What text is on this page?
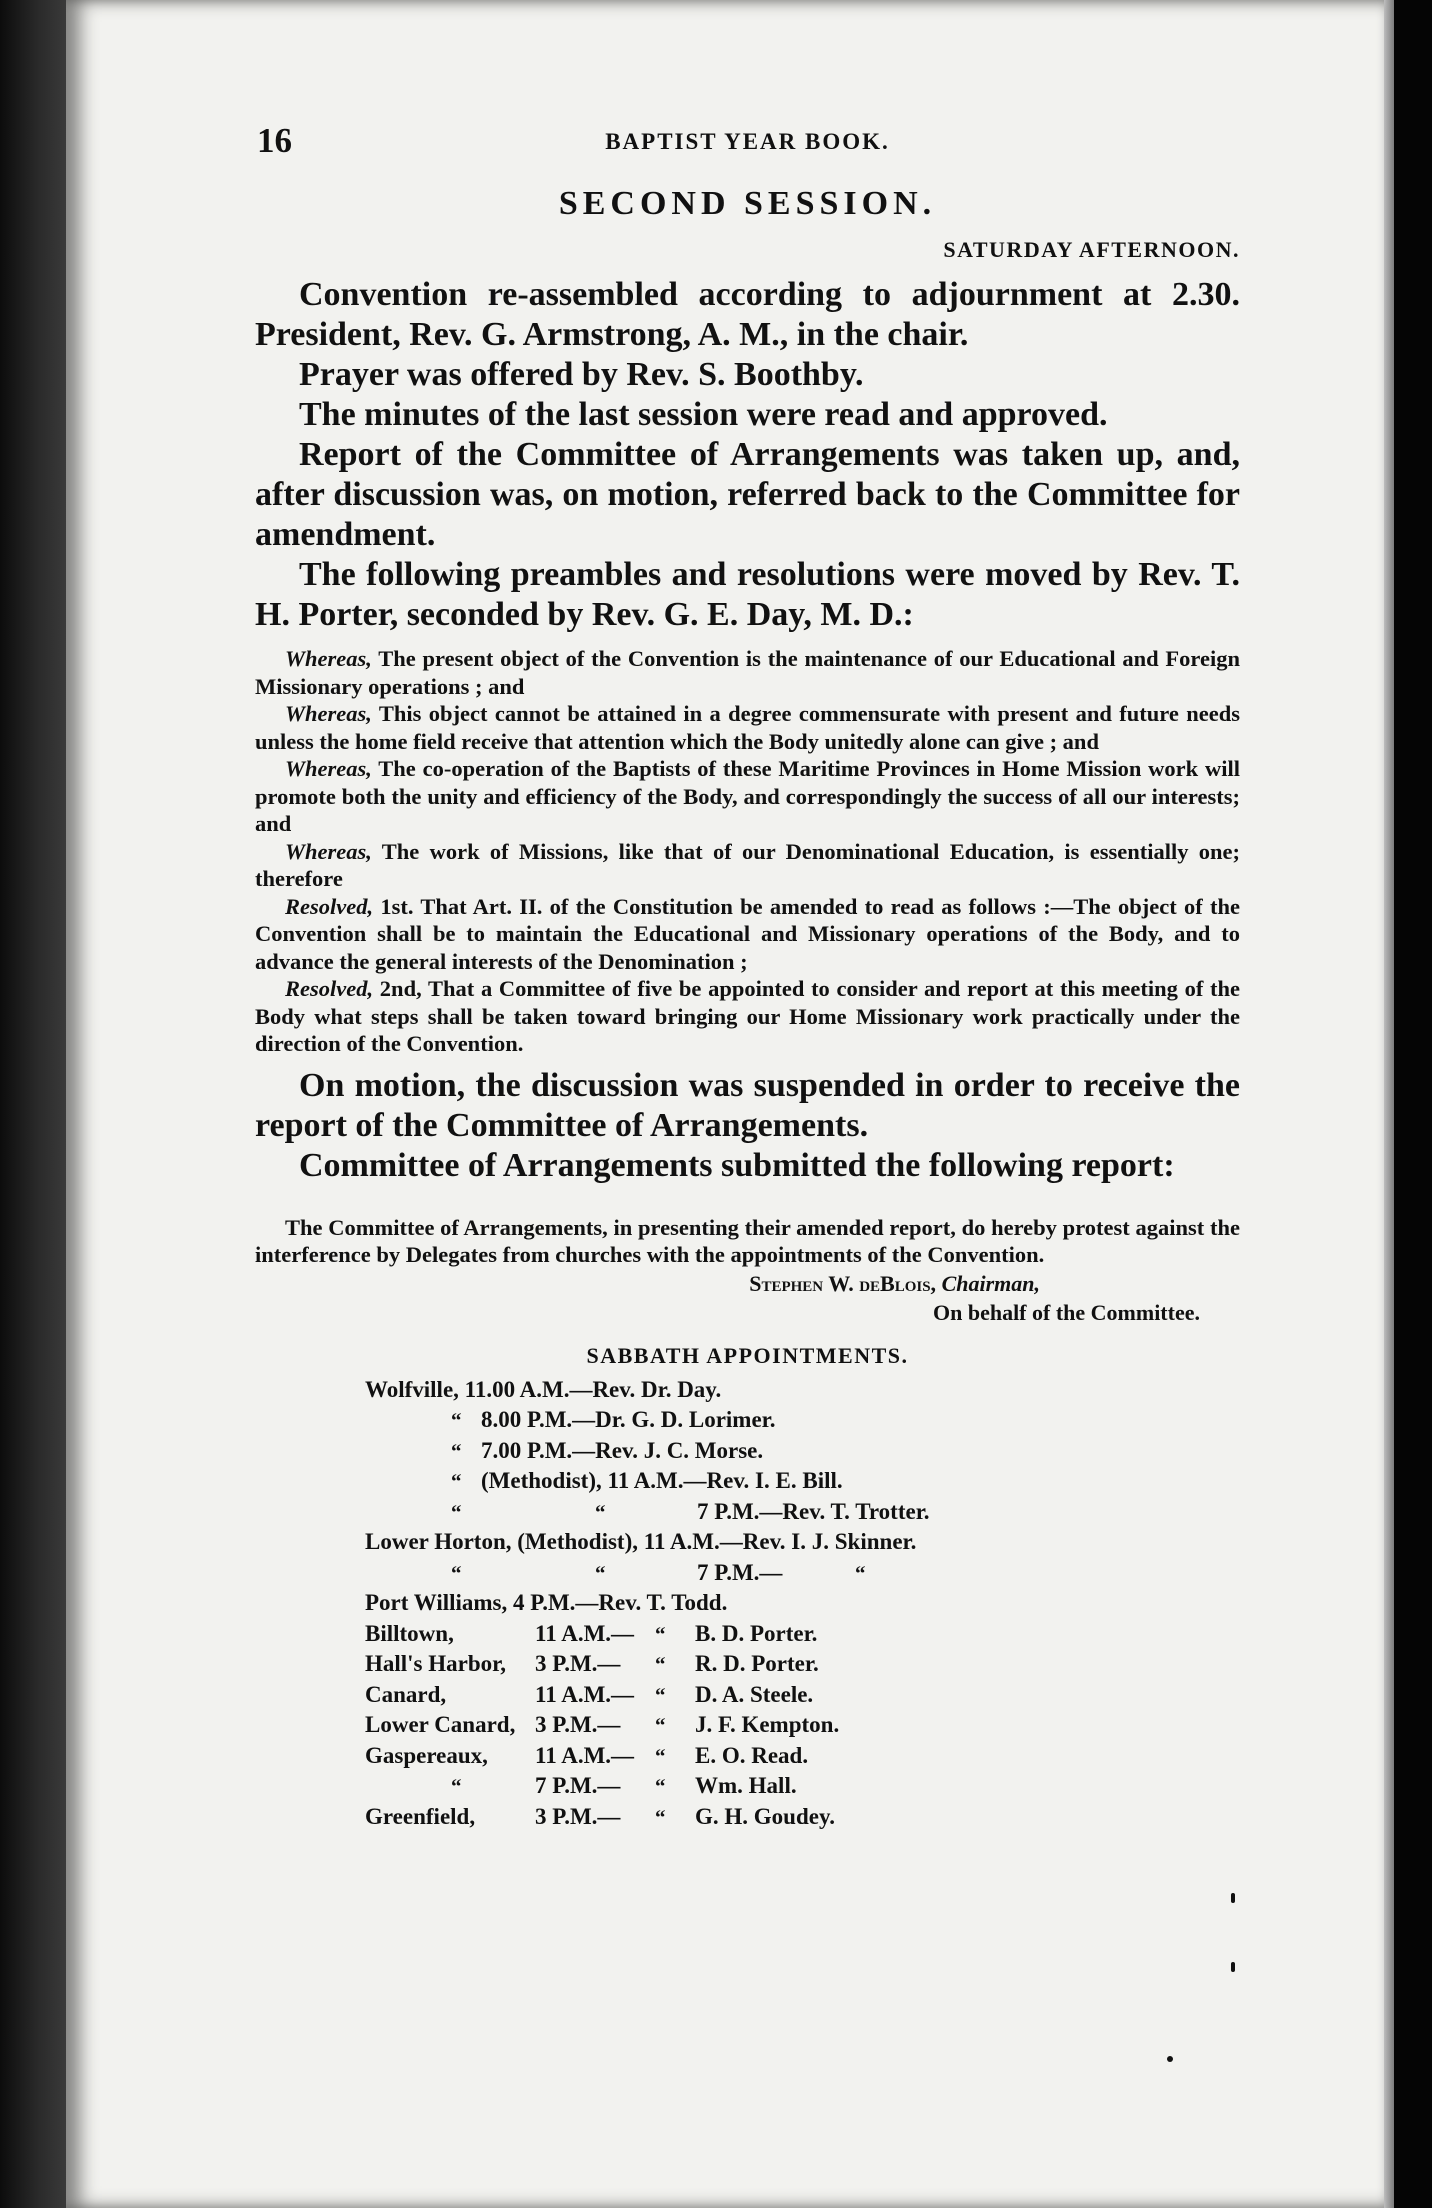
16	BAPTIST YEAR BOOK.
SECOND SESSION.
SATURDAY AFTERNOON.

Convention re-assembled according to adjournment at 2.30. President, Rev. G. Armstrong, A. M., in the chair.

Prayer was offered by Rev. S. Boothby.

The minutes of the last session were read and approved.

Report of the Committee of Arrangements was taken up, and, after discussion was, on motion, referred back to the Committee for amendment.

The following preambles and resolutions were moved by Rev. T. H. Porter, seconded by Rev. G. E. Day, M. D.:

Whereas, The present object of the Convention is the maintenance of our Educational and Foreign Missionary operations ; and

Whereas, This object cannot be attained in a degree commensurate with present and future needs unless the home field receive that attention which the Body unitedly alone can give ; and

Whereas, The co-operation of the Baptists of these Maritime Provinces in Home Mission work will promote both the unity and efficiency of the Body, and correspondingly the success of all our interests; and

Whereas, The work of Missions, like that of our Denominational Education, is essentially one; therefore

Resolved, 1st. That Art. II. of the Constitution be amended to read as follows :—The object of the Convention shall be to maintain the Educational and Missionary operations of the Body, and to advance the general interests of the Denomination ;

Resolved, 2nd, That a Committee of five be appointed to consider and report at this meeting of the Body what steps shall be taken toward bringing our Home Missionary work practically under the direction of the Convention.

On motion, the discussion was suspended in order to receive the report of the Committee of Arrangements.

Committee of Arrangements submitted the following report:

The Committee of Arrangements, in presenting their amended report, do hereby protest against the interference by Delegates from churches with the appointments of the Convention.

Stephen W. deBlois, Chairman,
On behalf of the Committee.
SABBATH APPOINTMENTS.
Wolfville, 11.00 A.M.—Rev. Dr. Day.
“ 8.00 P.M.—Dr. G. D. Lorimer.
“ 7.00 P.M.—Rev. J. C. Morse.
“ (Methodist), 11 A.M.—Rev. I. E. Bill.
“	“	7 P.M.—Rev. T. Trotter.
Lower Horton, (Methodist), 11 A.M.—Rev. I. J. Skinner.
“	“	7 P.M.—	“
Port Williams, 4 P.M.—Rev. T. Todd.
Billtown,	11 A.M.— “ B. D. Porter.
Hall's Harbor, 3 P.M.— “ R. D. Porter.
Canard,	11 A.M.— “ D. A. Steele.
Lower Canard, 3 P.M.— “ J. F. Kempton.
Gaspereaux, 11 A.M.— “ E. O. Read.
“	7 P.M.— “ Wm. Hall.
Greenfield,	3 P.M.— “ G. H. Goudey.
